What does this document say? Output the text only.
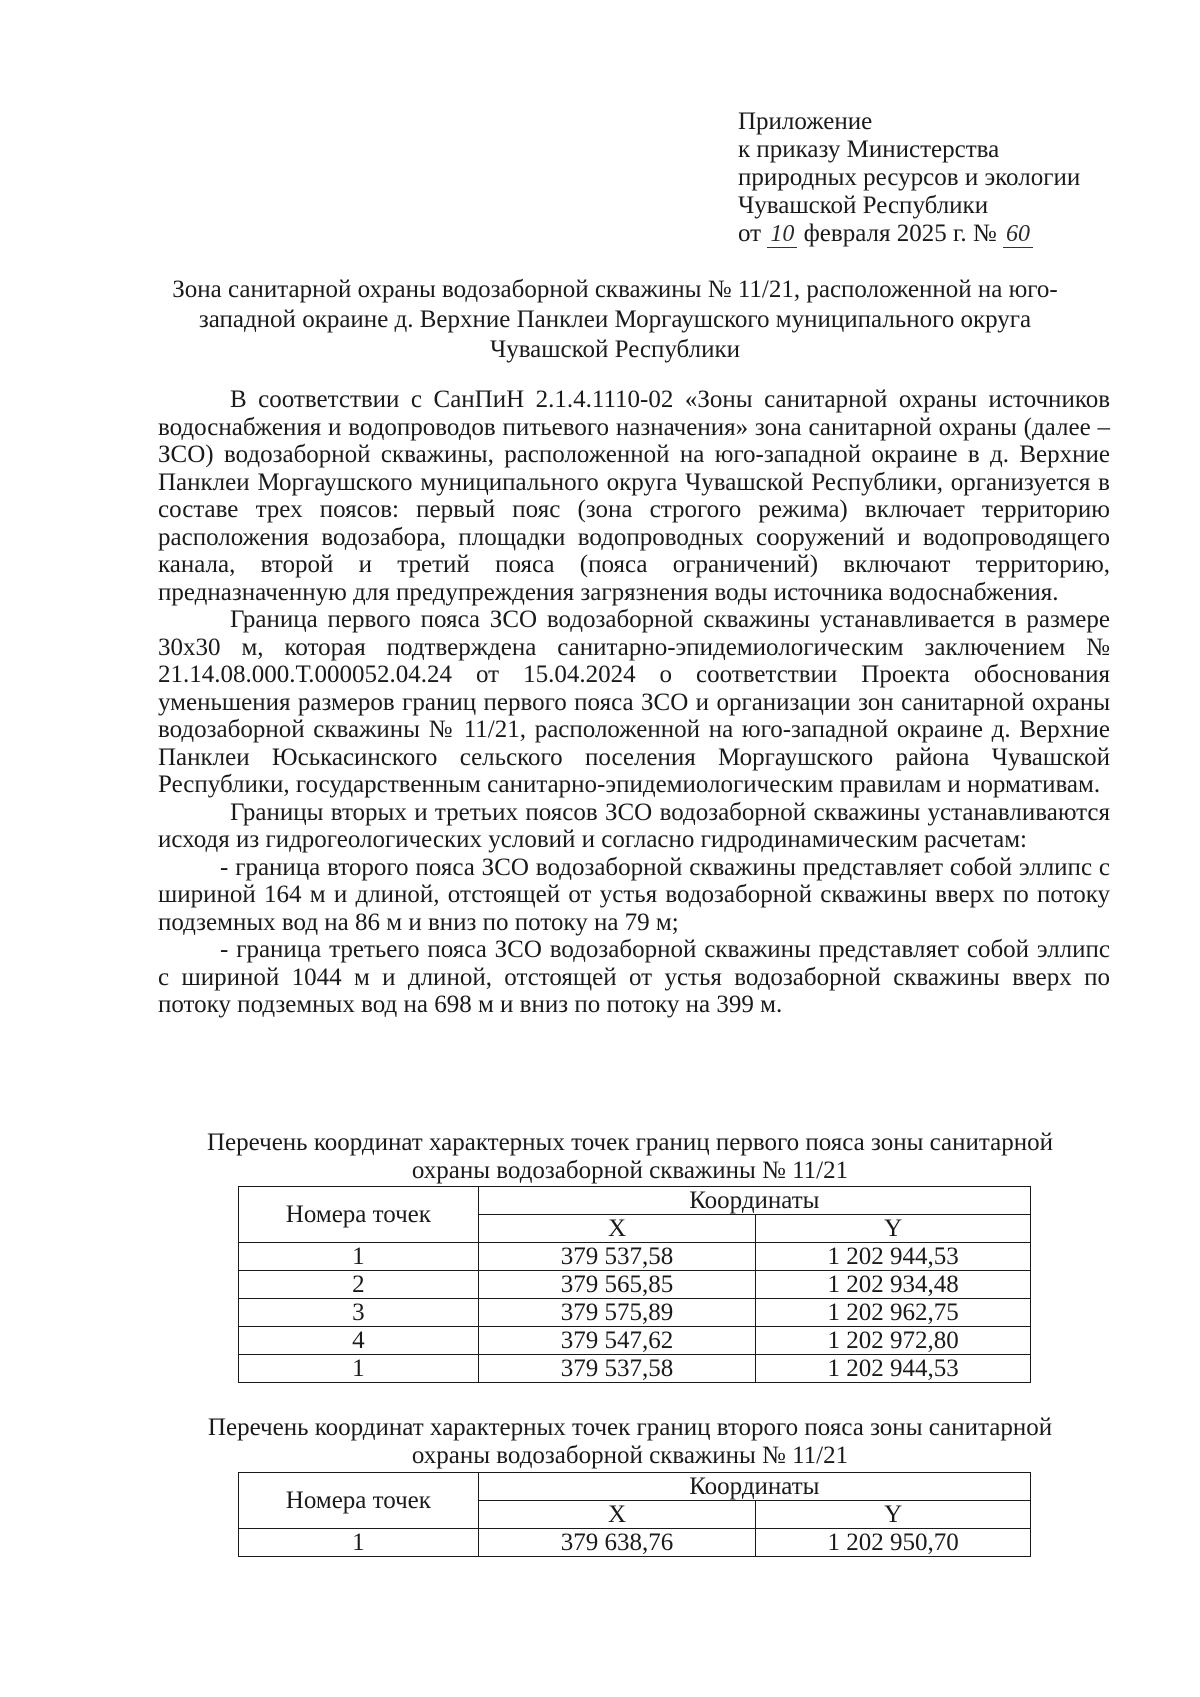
Приложение
к приказу Министерства
природных ресурсов и экологии
Чувашской Республики
от 10 февраля 2025 г. № 60
Зона санитарной охраны водозаборной скважины № 11/21, расположенной на юго-западной окраине д. Верхние Панклеи Моргаушского муниципального округа Чувашской Республики

В соответствии с СанПиН 2.1.4.1110-02 «Зоны санитарной охраны источников водоснабжения и водопроводов питьевого назначения» зона санитарной охраны (далее – ЗСО) водозаборной скважины, расположенной на юго-западной окраине в д. Верхние Панклеи Моргаушского муниципального округа Чувашской Республики, организуется в составе трех поясов: первый пояс (зона строгого режима) включает территорию расположения водозабора, площадки водопроводных сооружений и водопроводящего канала, второй и третий пояса (пояса ограничений) включают территорию, предназначенную для предупреждения загрязнения воды источника водоснабжения.

Граница первого пояса ЗСО водозаборной скважины устанавливается в размере 30х30 м, которая подтверждена санитарно-эпидемиологическим заключением № 21.14.08.000.Т.000052.04.24 от 15.04.2024 о соответствии Проекта обоснования уменьшения размеров границ первого пояса ЗСО и организации зон санитарной охраны водозаборной скважины № 11/21, расположенной на юго-западной окраине д. Верхние Панклеи Юськасинского сельского поселения Моргаушского района Чувашской Республики, государственным санитарно-эпидемиологическим правилам и нормативам.

Границы вторых и третьих поясов ЗСО водозаборной скважины устанавливаются исходя из гидрогеологических условий и согласно гидродинамическим расчетам:

- граница второго пояса ЗСО водозаборной скважины представляет собой эллипс с шириной 164 м и длиной, отстоящей от устья водозаборной скважины вверх по потоку подземных вод на 86 м и вниз по потоку на 79 м;

- граница третьего пояса ЗСО водозаборной скважины представляет собой эллипс с шириной 1044 м и длиной, отстоящей от устья водозаборной скважины вверх по потоку подземных вод на 698 м и вниз по потоку на 399 м.

Перечень координат характерных точек границ первого пояса зоны санитарной охраны водозаборной скважины № 11/21
Номера точек	Координаты	
	X	Y
1	379 537,58	1 202 944,53
2	379 565,85	1 202 934,48
3	379 575,89	1 202 962,75
4	379 547,62	1 202 972,80
1	379 537,58	1 202 944,53
Перечень координат характерных точек границ второго пояса зоны санитарной охраны водозаборной скважины № 11/21
Номера точек	Координаты	
	X	Y
1	379 638,76	1 202 950,70
